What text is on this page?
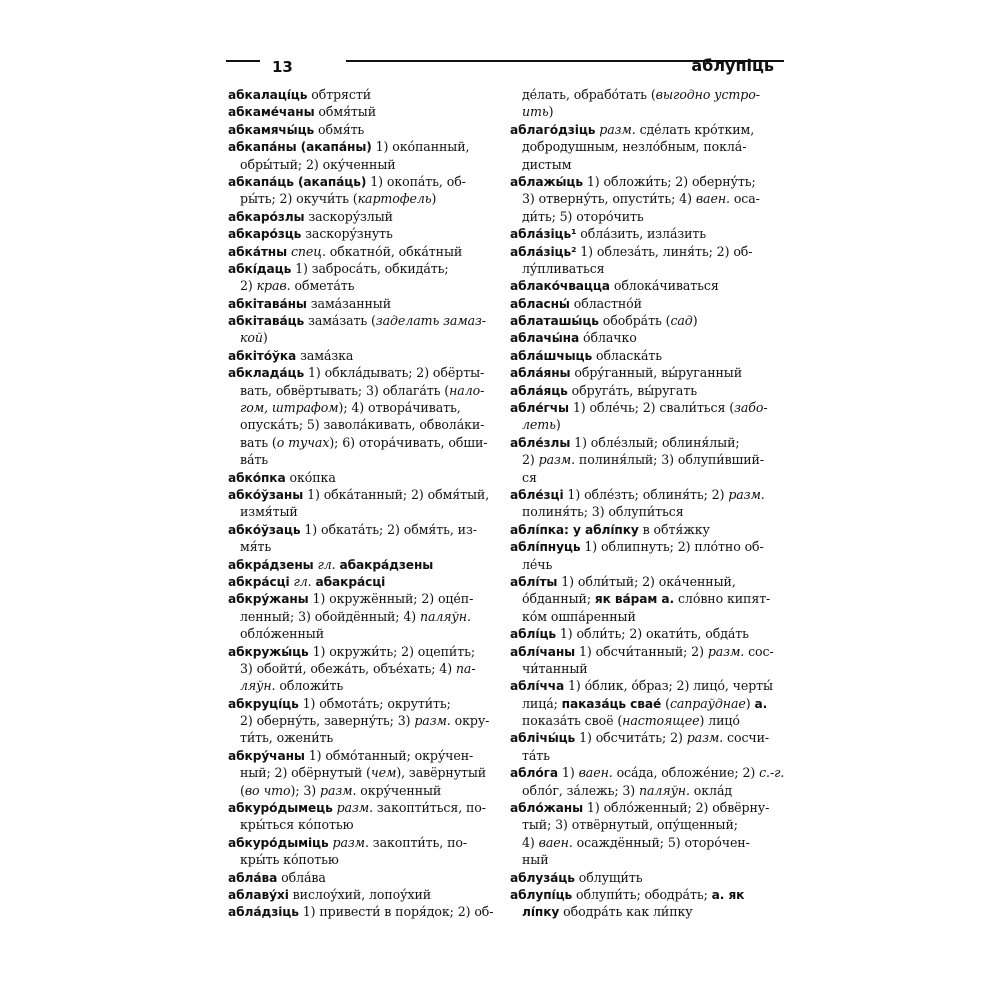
13	аблупіць
абкалаці́ць обтрясти́
абкаме́чаны обмя́тый
абкамячы́ць обмя́ть
абкапа́ны (акапа́ны) 1) око́панный,
обры́тый; 2) оку́ченный
абкапа́ць (акапа́ць) 1) окопа́ть, об-
ры́ть; 2) окучи́ть (картофель)
абкаро́злы заскору́злый
абкаро́зць заскору́знуть
абка́тны спец. обкатно́й, обка́тный
абкі́даць 1) заброса́ть, обкида́ть;
2) крав. обмета́ть
абкітава́ны зама́занный
абкітава́ць зама́зать (заделать замаз-
кой)
абкіто́ўка зама́зка
абклада́ць 1) обкла́дывать; 2) обёрты-
вать, обвёртывать; 3) облага́ть (нало-
гом, штрафом); 4) отвора́чивать,
опуска́ть; 5) завола́кивать, обвола́ки-
вать (о тучах); 6) отора́чивать, обши-
ва́ть
абко́пка око́пка
абко́ўзаны 1) обка́танный; 2) обмя́тый,
измя́тый
абко́ўзаць 1) обката́ть; 2) обмя́ть, из-
мя́ть
абкра́дзены гл. абакра́дзены
абкра́сці гл. абакра́сці
абкру́жаны 1) окружённый; 2) оце́п-
ленный; 3) обойдённый; 4) паляўн.
обло́женный
абкружы́ць 1) окружи́ть; 2) оцепи́ть;
3) обойти́, обежа́ть, объе́хать; 4) па-
ляўн. обложи́ть
абкруці́ць 1) обмота́ть; окрути́ть;
2) оберну́ть, заверну́ть; 3) разм. окру-
ти́ть, ожени́ть
абкру́чаны 1) обмо́танный; окру́чен-
ный; 2) обёрнутый (чем), завёрнутый
(во что); 3) разм. окру́ченный
абкуро́дымець разм. закопти́ться, по-
кры́ться ко́потью
абкуро́дыміць разм. закопти́ть, по-
кры́ть ко́потью
абла́ва обла́ва
аблаву́хі вислоу́хий, лопоу́хий
абла́дзіць 1) привести́ в поря́док; 2) об-
де́лать, обрабо́тать (выгодно устро-
ить)
аблаго́дзіць разм. сде́лать кро́тким,
добродушным, незло́бным, покла́-
дистым
аблажы́ць 1) обложи́ть; 2) оберну́ть;
3) отверну́ть, опусти́ть; 4) ваен. оса-
ди́ть; 5) оторо́чить
абла́зіць¹ обла́зить, изла́зить
абла́зіць² 1) облеза́ть, линя́ть; 2) об-
лу́пливаться
аблако́чвацца облока́чиваться
абласны́ областно́й
аблаташы́ць обобра́ть (сад)
аблачы́на о́блачко
абла́шчыць обласка́ть
абла́яны обру́ганный, вы́руганный
абла́яць обруга́ть, вы́ругать
абле́гчы 1) обле́чь; 2) свали́ться (забо-
леть)
абле́злы 1) обле́злый; облиня́лый;
2) разм. полиня́лый; 3) облупи́вший-
ся
абле́зці 1) обле́зть; облиня́ть; 2) разм.
полиня́ть; 3) облупи́ться
аблі́пка: у аблі́пку в обтя́жку
аблі́пнуць 1) облипнуть; 2) пло́тно об-
ле́чь
аблі́ты 1) обли́тый; 2) ока́ченный,
о́бданный; як ва́рам а. сло́вно кипят-
ко́м ошпа́ренный
аблі́ць 1) обли́ть; 2) окати́ть, обда́ть
аблі́чаны 1) обсчи́танный; 2) разм. сос-
чи́танный
аблі́ччa 1) о́блик, о́браз; 2) лицо́, черты́
лица́; паказа́ць свае́ (сапраўднае) а.
показа́ть своё (настоящее) лицо́
аблічы́ць 1) обсчита́ть; 2) разм. сосчи-
та́ть
абло́га 1) ваен. оса́да, обложе́ние; 2) с.-г.
обло́г, за́лежь; 3) паляўн. окла́д
абло́жаны 1) обло́женный; 2) обвёрну-
тый; 3) отвёрнутый, опу́щенный;
4) ваен. осаждённый; 5) оторо́чен-
ный
аблуза́ць облущи́ть
аблупі́ць облупи́ть; ободра́ть; а. як
лі́пку ободра́ть как ли́пку
